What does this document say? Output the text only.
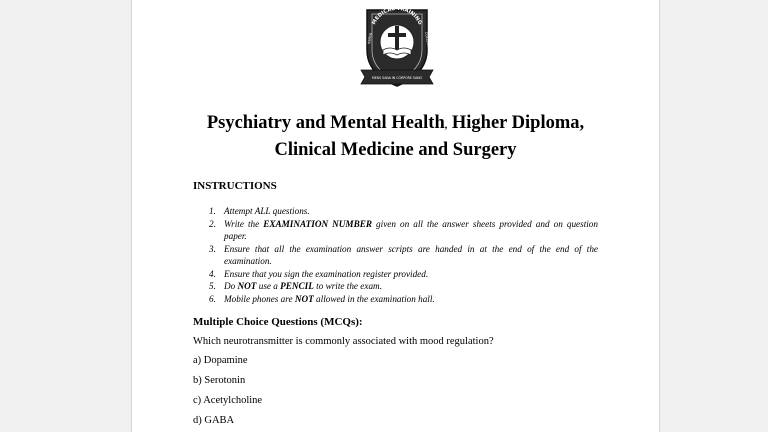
MEDICAL TRAINING
KENYA	COLLEGE
MENS SANA IN CORPORE SANO
Psychiatry and Mental Health, Higher Diploma,
Clinical Medicine and Surgery
INSTRUCTIONS
1. Attempt ALL questions.
2. Write the EXAMINATION NUMBER given on all the answer sheets provided and on question paper.
3. Ensure that all the examination answer scripts are handed in at the end of the end of the examination.
4. Ensure that you sign the examination register provided.
5. Do NOT use a PENCIL to write the exam.
6. Mobile phones are NOT allowed in the examination hall.
Multiple Choice Questions (MCQs):
Which neurotransmitter is commonly associated with mood regulation?
a) Dopamine
b) Serotonin
c) Acetylcholine
d) GABA
